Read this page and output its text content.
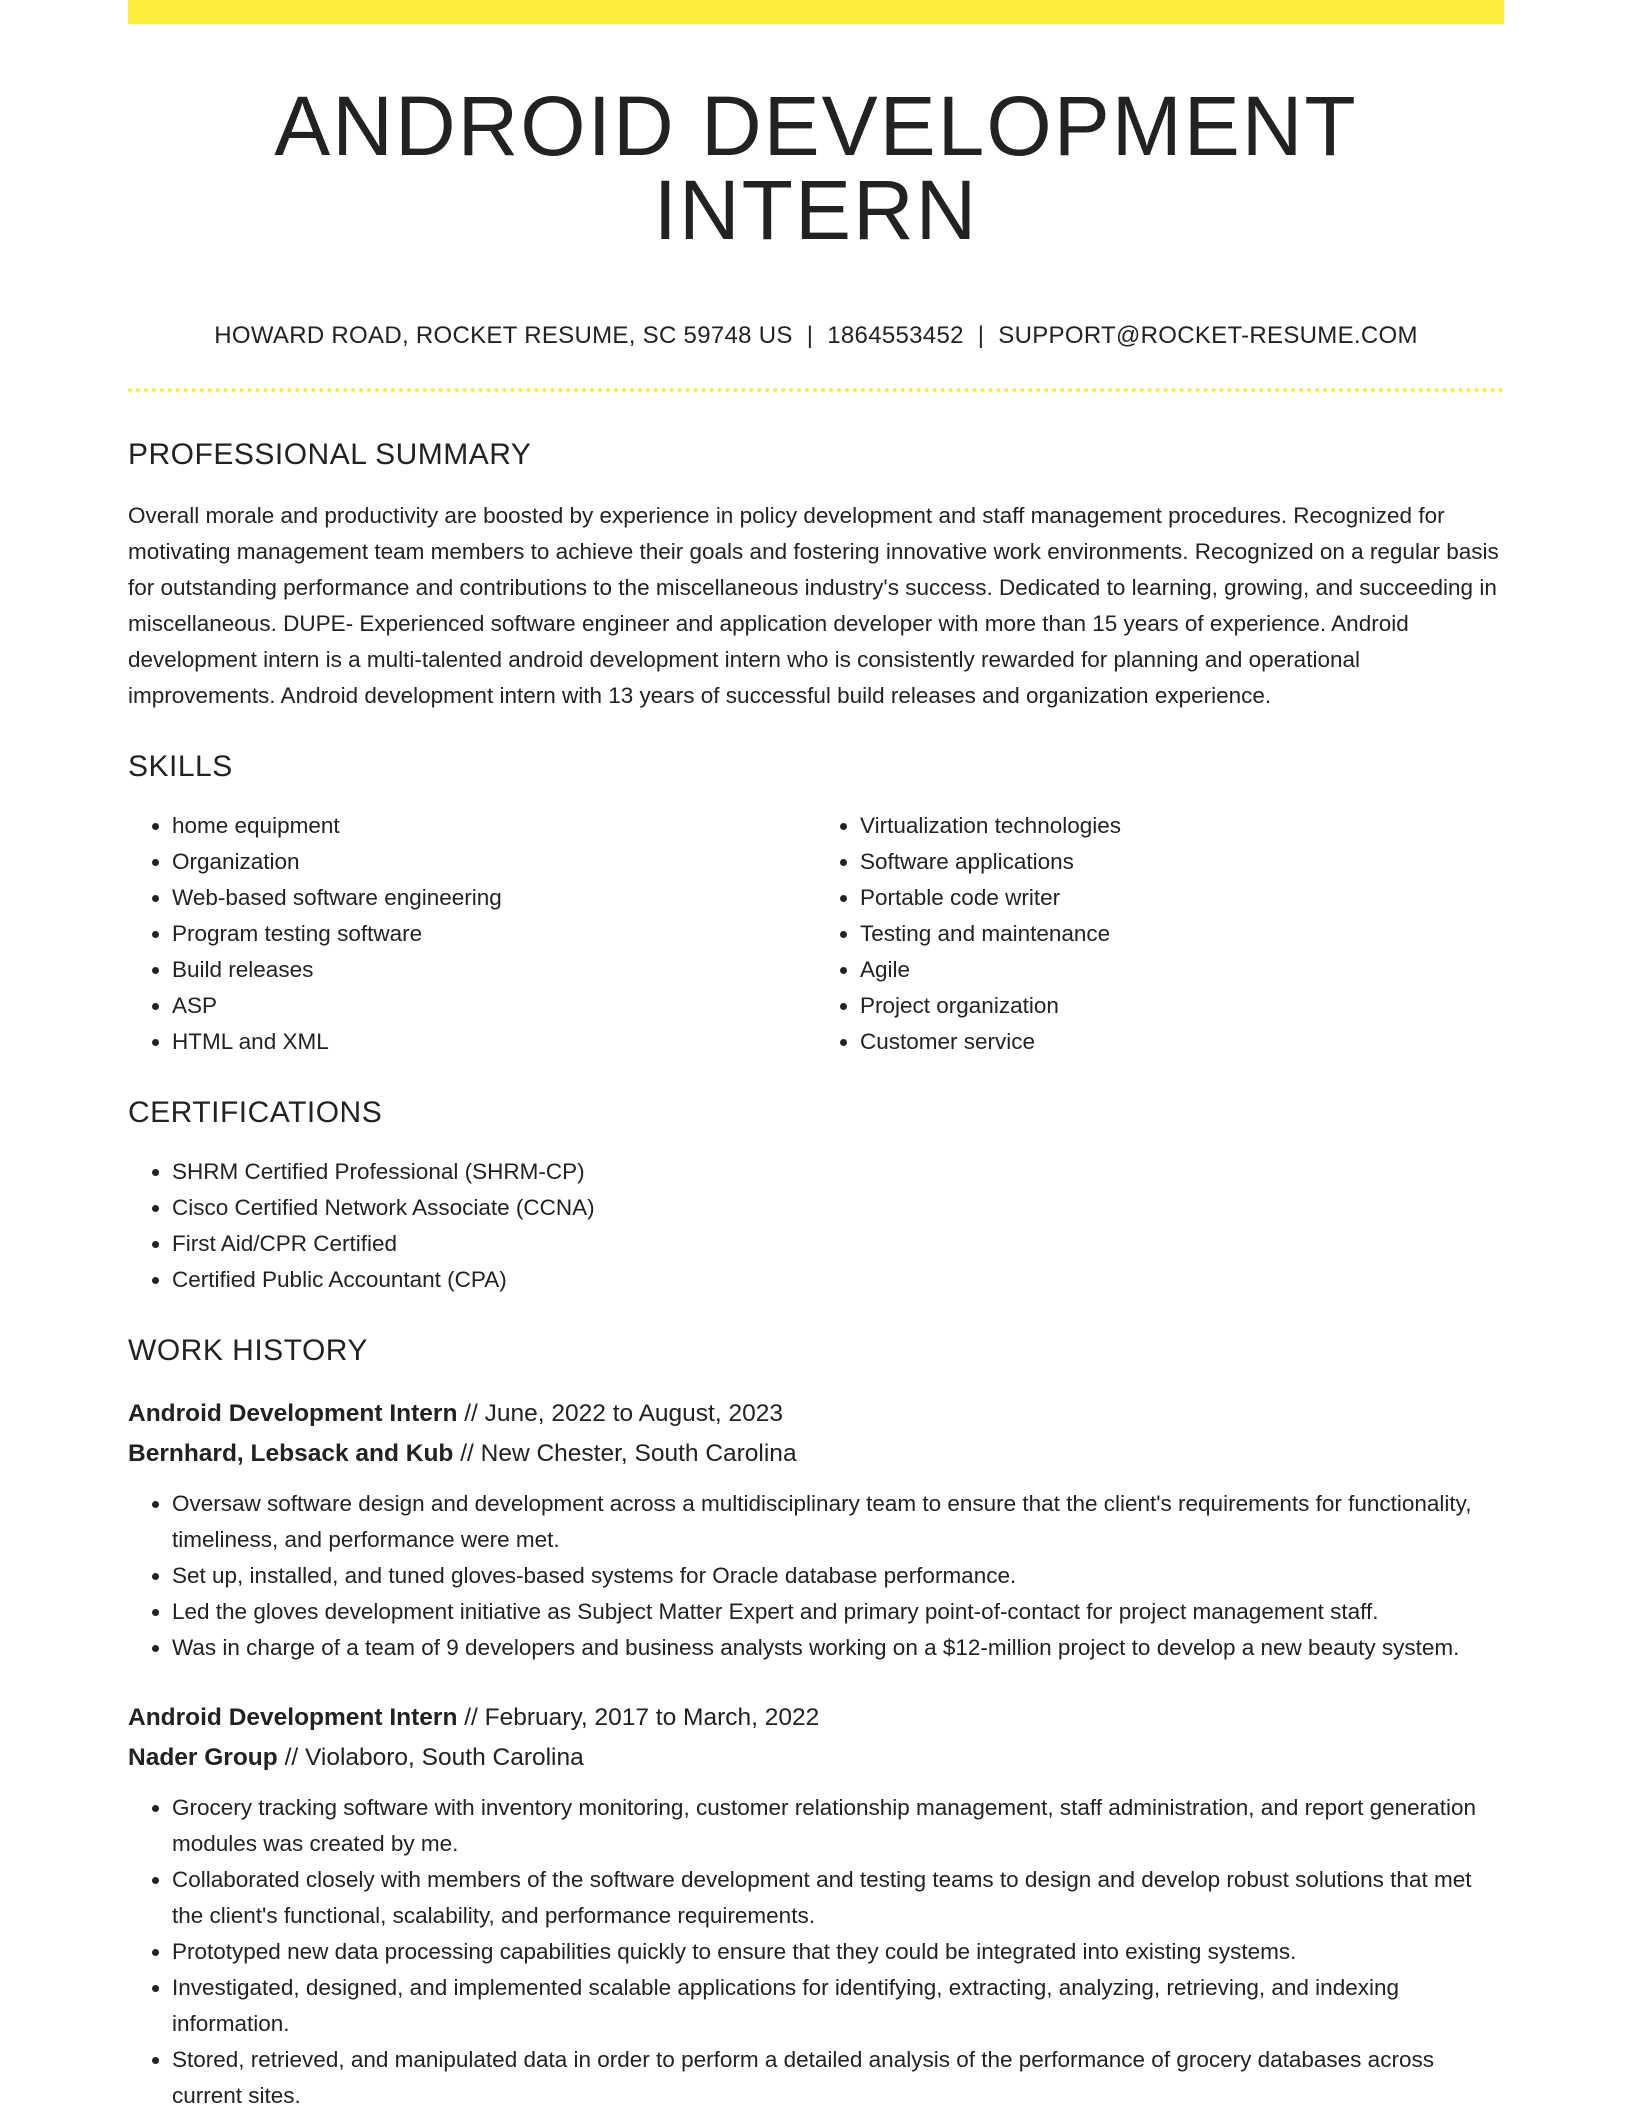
ANDROID DEVELOPMENT INTERN
HOWARD ROAD, ROCKET RESUME, SC 59748 US | 1864553452 | SUPPORT@ROCKET-RESUME.COM
PROFESSIONAL SUMMARY

Overall morale and productivity are boosted by experience in policy development and staff management procedures. Recognized for motivating management team members to achieve their goals and fostering innovative work environments. Recognized on a regular basis for outstanding performance and contributions to the miscellaneous industry's success. Dedicated to learning, growing, and succeeding in miscellaneous. DUPE- Experienced software engineer and application developer with more than 15 years of experience. Android development intern is a multi-talented android development intern who is consistently rewarded for planning and operational improvements. Android development intern with 13 years of successful build releases and organization experience.

SKILLS
• home equipment
• Organization
• Web-based software engineering
• Program testing software
• Build releases
• ASP
• HTML and XML
• Virtualization technologies
• Software applications
• Portable code writer
• Testing and maintenance
• Agile
• Project organization
• Customer service
CERTIFICATIONS
• SHRM Certified Professional (SHRM-CP)
• Cisco Certified Network Associate (CCNA)
• First Aid/CPR Certified
• Certified Public Accountant (CPA)
WORK HISTORY
Android Development Intern // June, 2022 to August, 2023
Bernhard, Lebsack and Kub // New Chester, South Carolina
• Oversaw software design and development across a multidisciplinary team to ensure that the client's requirements for functionality, timeliness, and performance were met.
• Set up, installed, and tuned gloves-based systems for Oracle database performance.
• Led the gloves development initiative as Subject Matter Expert and primary point-of-contact for project management staff.
• Was in charge of a team of 9 developers and business analysts working on a $12-million project to develop a new beauty system.
Android Development Intern // February, 2017 to March, 2022
Nader Group // Violaboro, South Carolina
• Grocery tracking software with inventory monitoring, customer relationship management, staff administration, and report generation modules was created by me.
• Collaborated closely with members of the software development and testing teams to design and develop robust solutions that met the client's functional, scalability, and performance requirements.
• Prototyped new data processing capabilities quickly to ensure that they could be integrated into existing systems.
• Investigated, designed, and implemented scalable applications for identifying, extracting, analyzing, retrieving, and indexing information.
• Stored, retrieved, and manipulated data in order to perform a detailed analysis of the performance of grocery databases across current sites.
